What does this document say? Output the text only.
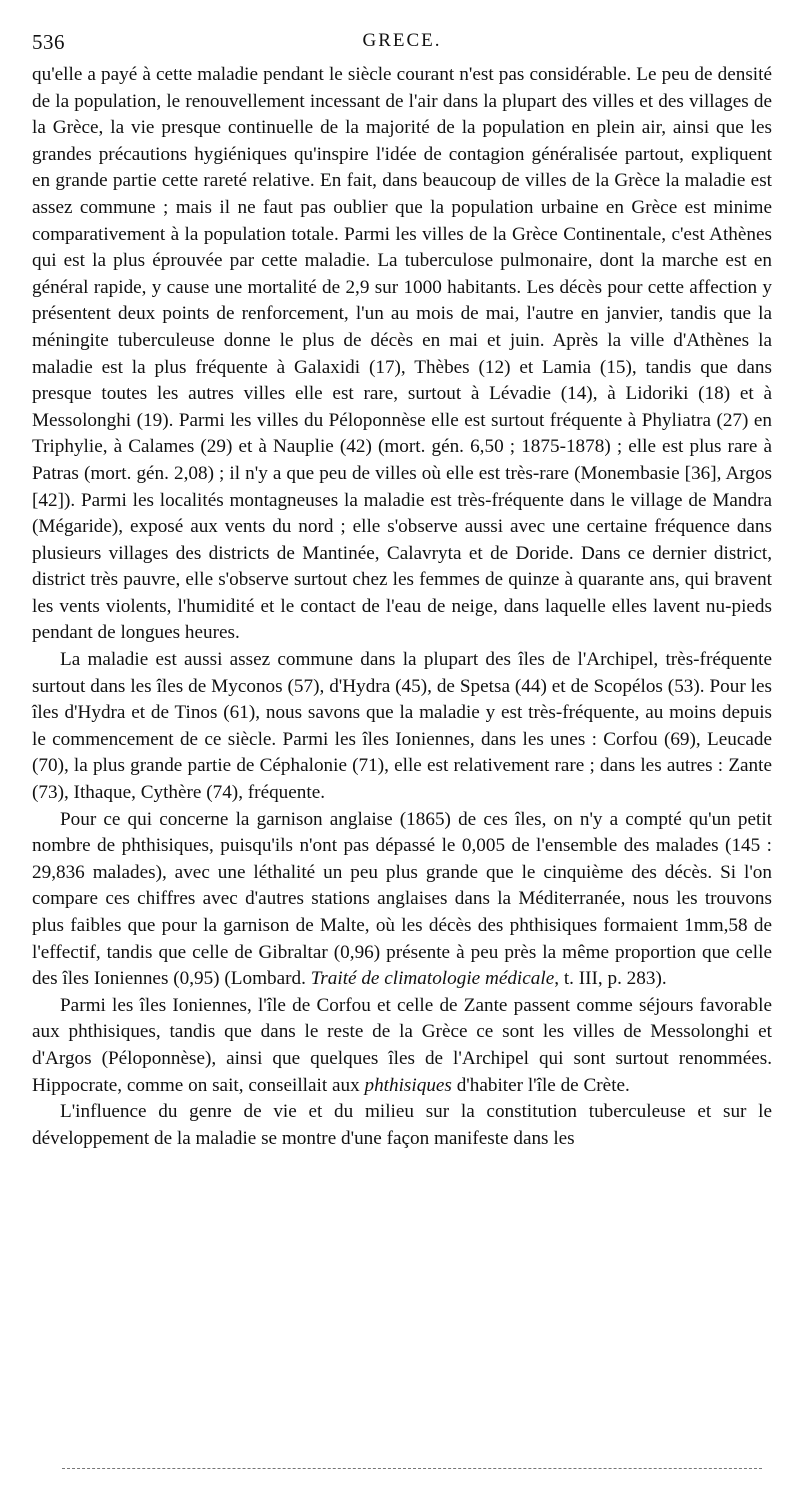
536	GRECE.

qu'elle a payé à cette maladie pendant le siècle courant n'est pas considérable. Le peu de densité de la population, le renouvellement incessant de l'air dans la plupart des villes et des villages de la Grèce, la vie presque continuelle de la majorité de la population en plein air, ainsi que les grandes précautions hygiéniques qu'inspire l'idée de contagion généralisée partout, expliquent en grande partie cette rareté relative. En fait, dans beaucoup de villes de la Grèce la maladie est assez commune ; mais il ne faut pas oublier que la population urbaine en Grèce est minime comparativement à la population totale. Parmi les villes de la Grèce Continentale, c'est Athènes qui est la plus éprouvée par cette maladie. La tuberculose pulmonaire, dont la marche est en général rapide, y cause une mortalité de 2,9 sur 1000 habitants. Les décès pour cette affection y présentent deux points de renforcement, l'un au mois de mai, l'autre en janvier, tandis que la méningite tuberculeuse donne le plus de décès en mai et juin. Après la ville d'Athènes la maladie est la plus fréquente à Galaxidi (17), Thèbes (12) et Lamia (15), tandis que dans presque toutes les autres villes elle est rare, surtout à Lévadie (14), à Lidoriki (18) et à Messolonghi (19). Parmi les villes du Péloponnèse elle est surtout fréquente à Phyliatra (27) en Triphylie, à Calames (29) et à Nauplie (42) (mort. gén. 6,50 ; 1875-1878) ; elle est plus rare à Patras (mort. gén. 2,08) ; il n'y a que peu de villes où elle est très-rare (Monembasie [36], Argos [42]). Parmi les localités montagneuses la maladie est très-fréquente dans le village de Mandra (Mégaride), exposé aux vents du nord ; elle s'observe aussi avec une certaine fréquence dans plusieurs villages des districts de Mantinée, Calavryta et de Doride. Dans ce dernier district, district très pauvre, elle s'observe surtout chez les femmes de quinze à quarante ans, qui bravent les vents violents, l'humidité et le contact de l'eau de neige, dans laquelle elles lavent nu-pieds pendant de longues heures.

La maladie est aussi assez commune dans la plupart des îles de l'Archipel, très-fréquente surtout dans les îles de Myconos (57), d'Hydra (45), de Spetsa (44) et de Scopélos (53). Pour les îles d'Hydra et de Tinos (61), nous savons que la maladie y est très-fréquente, au moins depuis le commencement de ce siècle. Parmi les îles Ioniennes, dans les unes : Corfou (69), Leucade (70), la plus grande partie de Céphalonie (71), elle est relativement rare ; dans les autres : Zante (73), Ithaque, Cythère (74), fréquente.

Pour ce qui concerne la garnison anglaise (1865) de ces îles, on n'y a compté qu'un petit nombre de phthisiques, puisqu'ils n'ont pas dépassé le 0,005 de l'ensemble des malades (145 : 29,836 malades), avec une léthalité un peu plus grande que le cinquième des décès. Si l'on compare ces chiffres avec d'autres stations anglaises dans la Méditerranée, nous les trouvons plus faibles que pour la garnison de Malte, où les décès des phthisiques formaient 1mm,58 de l'effectif, tandis que celle de Gibraltar (0,96) présente à peu près la même proportion que celle des îles Ioniennes (0,95) (Lombard. Traité de climatologie médicale, t. III, p. 283).

Parmi les îles Ioniennes, l'île de Corfou et celle de Zante passent comme séjours favorable aux phthisiques, tandis que dans le reste de la Grèce ce sont les villes de Messolonghi et d'Argos (Péloponnèse), ainsi que quelques îles de l'Archipel qui sont surtout renommées. Hippocrate, comme on sait, conseillait aux phthisiques d'habiter l'île de Crète.

L'influence du genre de vie et du milieu sur la constitution tuberculeuse et sur le développement de la maladie se montre d'une façon manifeste dans les
